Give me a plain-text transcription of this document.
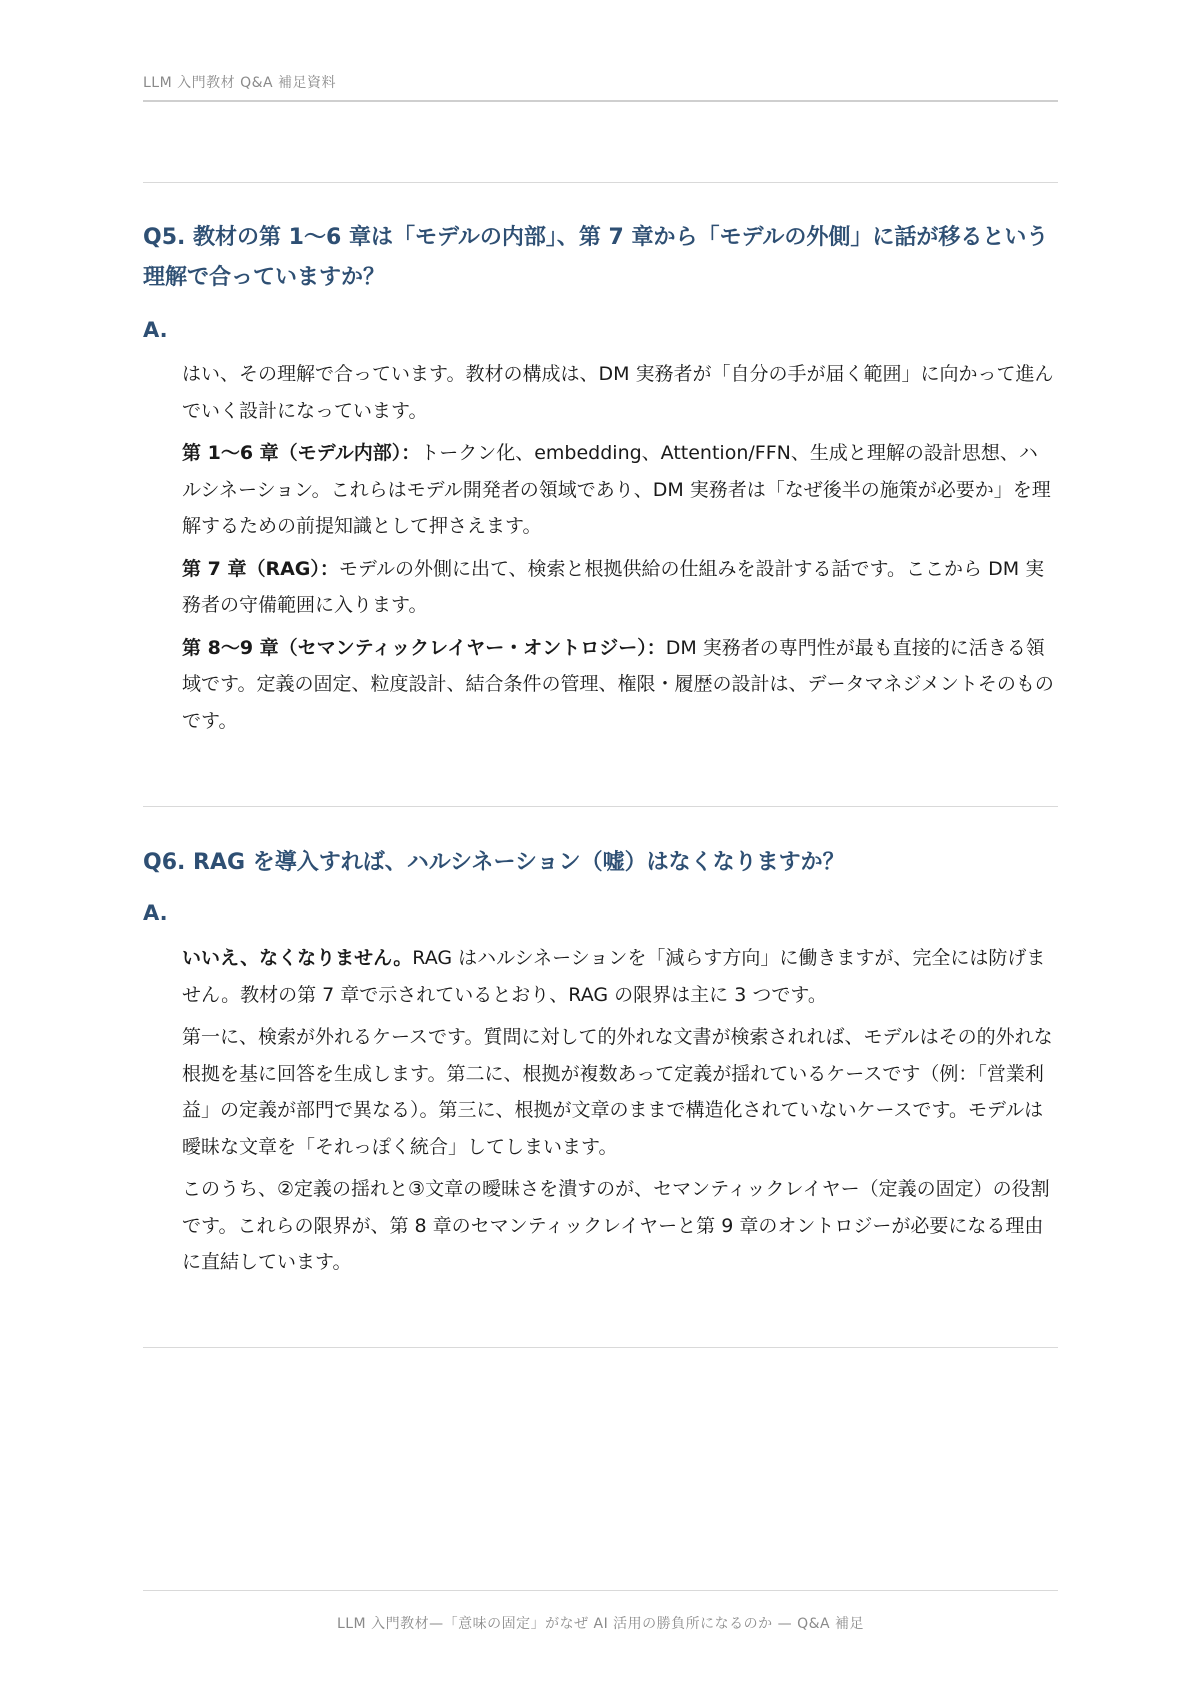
LLM 入門教材 Q&A 補足資料
Q5. 教材の第 1〜6 章は「モデルの内部」、第 7 章から「モデルの外側」に話が移るという理解で合っていますか？
A.

はい、その理解で合っています。教材の構成は、DM 実務者が「自分の手が届く範囲」に向かって進んでいく設計になっています。

第 1〜6 章（モデル内部）：トークン化、embedding、Attention/FFN、生成と理解の設計思想、ハルシネーション。これらはモデル開発者の領域であり、DM 実務者は「なぜ後半の施策が必要か」を理解するための前提知識として押さえます。

第 7 章（RAG）：モデルの外側に出て、検索と根拠供給の仕組みを設計する話です。ここから DM 実務者の守備範囲に入ります。

第 8〜9 章（セマンティックレイヤー・オントロジー）：DM 実務者の専門性が最も直接的に活きる領域です。定義の固定、粒度設計、結合条件の管理、権限・履歴の設計は、データマネジメントそのものです。

Q6. RAG を導入すれば、ハルシネーション（嘘）はなくなりますか？
A.

いいえ、なくなりません。RAG はハルシネーションを「減らす方向」に働きますが、完全には防げません。教材の第 7 章で示されているとおり、RAG の限界は主に 3 つです。

第一に、検索が外れるケースです。質問に対して的外れな文書が検索されれば、モデルはその的外れな根拠を基に回答を生成します。第二に、根拠が複数あって定義が揺れているケースです（例：「営業利益」の定義が部門で異なる）。第三に、根拠が文章のままで構造化されていないケースです。モデルは曖昧な文章を「それっぽく統合」してしまいます。

このうち、②定義の揺れと③文章の曖昧さを潰すのが、セマンティックレイヤー（定義の固定）の役割です。これらの限界が、第 8 章のセマンティックレイヤーと第 9 章のオントロジーが必要になる理由に直結しています。

LLM 入門教材—「意味の固定」がなぜ AI 活用の勝負所になるのか — Q&A 補足
